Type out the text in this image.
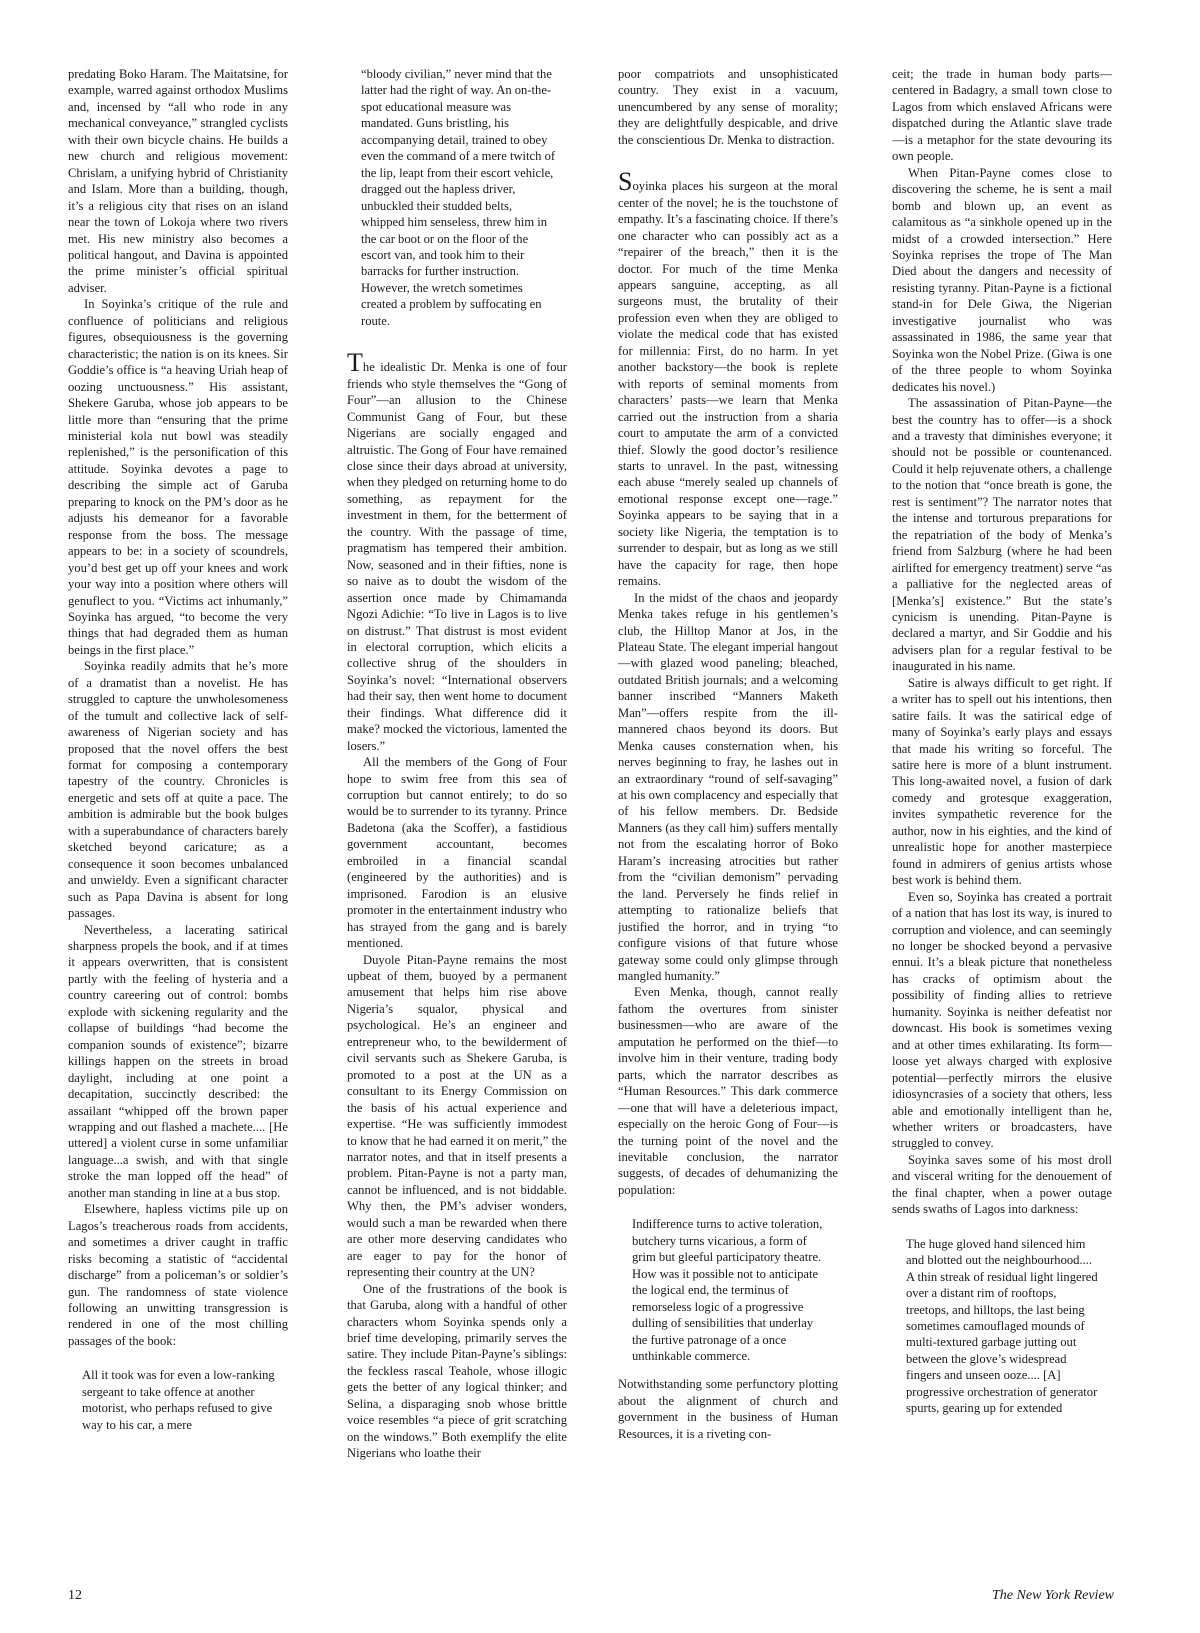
predating Boko Haram. The Maitatsine, for example, warred against orthodox Muslims and, incensed by “all who rode in any mechanical conveyance,” strangled cyclists with their own bicycle chains. He builds a new church and religious movement: Chrislam, a unifying hybrid of Christianity and Islam. More than a building, though, it’s a religious city that rises on an island near the town of Lokoja where two rivers met. His new ministry also becomes a political hangout, and Davina is appointed the prime minister’s official spiritual adviser.

In Soyinka’s critique of the rule and confluence of politicians and religious figures, obsequiousness is the governing characteristic; the nation is on its knees. Sir Goddie’s office is “a heaving Uriah heap of oozing unctuousness.” His assistant, Shekere Garuba, whose job appears to be little more than “ensuring that the prime ministerial kola nut bowl was steadily replenished,” is the personification of this attitude. Soyinka devotes a page to describing the simple act of Garuba preparing to knock on the PM’s door as he adjusts his demeanor for a favorable response from the boss. The message appears to be: in a society of scoundrels, you’d best get up off your knees and work your way into a position where others will genuflect to you. “Victims act inhumanly,” Soyinka has argued, “to become the very things that had degraded them as human beings in the first place.”

Soyinka readily admits that he’s more of a dramatist than a novelist. He has struggled to capture the unwholesomeness of the tumult and collective lack of self-awareness of Nigerian society and has proposed that the novel offers the best format for composing a contemporary tapestry of the country. Chronicles is energetic and sets off at quite a pace. The ambition is admirable but the book bulges with a superabundance of characters barely sketched beyond caricature; as a consequence it soon becomes unbalanced and unwieldy. Even a significant character such as Papa Davina is absent for long passages.

Nevertheless, a lacerating satirical sharpness propels the book, and if at times it appears overwritten, that is consistent partly with the feeling of hysteria and a country careering out of control: bombs explode with sickening regularity and the collapse of buildings “had become the companion sounds of existence”; bizarre killings happen on the streets in broad daylight, including at one point a decapitation, succinctly described: the assailant “whipped off the brown paper wrapping and out flashed a machete.... [He uttered] a violent curse in some unfamiliar language...a swish, and with that single stroke the man lopped off the head” of another man standing in line at a bus stop.

Elsewhere, hapless victims pile up on Lagos’s treacherous roads from accidents, and sometimes a driver caught in traffic risks becoming a statistic of “accidental discharge” from a policeman’s or soldier’s gun. The randomness of state violence following an unwitting transgression is rendered in one of the most chilling passages of the book:

All it took was for even a low-ranking sergeant to take offence at another motorist, who perhaps refused to give way to his car, a mere

“bloody civilian,” never mind that the latter had the right of way. An on-the-spot educational measure was mandated. Guns bristling, his accompanying detail, trained to obey even the command of a mere twitch of the lip, leapt from their escort vehicle, dragged out the hapless driver, unbuckled their studded belts, whipped him senseless, threw him in the car boot or on the floor of the escort van, and took him to their barracks for further instruction. However, the wretch sometimes created a problem by suffocating en route.

The idealistic Dr. Menka is one of four friends who style themselves the “Gong of Four”—an allusion to the Chinese Communist Gang of Four, but these Nigerians are socially engaged and altruistic. The Gong of Four have remained close since their days abroad at university, when they pledged on returning home to do something, as repayment for the investment in them, for the betterment of the country. With the passage of time, pragmatism has tempered their ambition. Now, seasoned and in their fifties, none is so naive as to doubt the wisdom of the assertion once made by Chimamanda Ngozi Adichie: “To live in Lagos is to live on distrust.” That distrust is most evident in electoral corruption, which elicits a collective shrug of the shoulders in Soyinka’s novel: “International observers had their say, then went home to document their findings. What difference did it make? mocked the victorious, lamented the losers.”

All the members of the Gong of Four hope to swim free from this sea of corruption but cannot entirely; to do so would be to surrender to its tyranny. Prince Badetona (aka the Scoffer), a fastidious government accountant, becomes embroiled in a financial scandal (engineered by the authorities) and is imprisoned. Farodion is an elusive promoter in the entertainment industry who has strayed from the gang and is barely mentioned.

Duyole Pitan-Payne remains the most upbeat of them, buoyed by a permanent amusement that helps him rise above Nigeria’s squalor, physical and psychological. He’s an engineer and entrepreneur who, to the bewilderment of civil servants such as Shekere Garuba, is promoted to a post at the UN as a consultant to its Energy Commission on the basis of his actual experience and expertise. “He was sufficiently immodest to know that he had earned it on merit,” the narrator notes, and that in itself presents a problem. Pitan-Payne is not a party man, cannot be influenced, and is not biddable. Why then, the PM’s adviser wonders, would such a man be rewarded when there are other more deserving candidates who are eager to pay for the honor of representing their country at the UN?

One of the frustrations of the book is that Garuba, along with a handful of other characters whom Soyinka spends only a brief time developing, primarily serves the satire. They include Pitan-Payne’s siblings: the feckless rascal Teahole, whose illogic gets the better of any logical thinker; and Selina, a disparaging snob whose brittle voice resembles “a piece of grit scratching on the windows.” Both exemplify the elite Nigerians who loathe their

poor compatriots and unsophisticated country. They exist in a vacuum, unencumbered by any sense of morality; they are delightfully despicable, and drive the conscientious Dr. Menka to distraction.

Soyinka places his surgeon at the moral center of the novel; he is the touchstone of empathy. It’s a fascinating choice. If there’s one character who can possibly act as a “repairer of the breach,” then it is the doctor. For much of the time Menka appears sanguine, accepting, as all surgeons must, the brutality of their profession even when they are obliged to violate the medical code that has existed for millennia: First, do no harm. In yet another backstory—the book is replete with reports of seminal moments from characters’ pasts—we learn that Menka carried out the instruction from a sharia court to amputate the arm of a convicted thief. Slowly the good doctor’s resilience starts to unravel. In the past, witnessing each abuse “merely sealed up channels of emotional response except one—rage.” Soyinka appears to be saying that in a society like Nigeria, the temptation is to surrender to despair, but as long as we still have the capacity for rage, then hope remains.

In the midst of the chaos and jeopardy Menka takes refuge in his gentlemen’s club, the Hilltop Manor at Jos, in the Plateau State. The elegant imperial hangout—with glazed wood paneling; bleached, outdated British journals; and a welcoming banner inscribed “Manners Maketh Man”—offers respite from the ill-mannered chaos beyond its doors. But Menka causes consternation when, his nerves beginning to fray, he lashes out in an extraordinary “round of self-savaging” at his own complacency and especially that of his fellow members. Dr. Bedside Manners (as they call him) suffers mentally not from the escalating horror of Boko Haram’s increasing atrocities but rather from the “civilian demonism” pervading the land. Perversely he finds relief in attempting to rationalize beliefs that justified the horror, and in trying “to configure visions of that future whose gateway some could only glimpse through mangled humanity.”

Even Menka, though, cannot really fathom the overtures from sinister businessmen—who are aware of the amputation he performed on the thief—to involve him in their venture, trading body parts, which the narrator describes as “Human Resources.” This dark commerce—one that will have a deleterious impact, especially on the heroic Gong of Four—is the turning point of the novel and the inevitable conclusion, the narrator suggests, of decades of dehumanizing the population:

Indifference turns to active toleration, butchery turns vicarious, a form of grim but gleeful participatory theatre. How was it possible not to anticipate the logical end, the terminus of remorseless logic of a progressive dulling of sensibilities that underlay the furtive patronage of a once unthinkable commerce.

Notwithstanding some perfunctory plotting about the alignment of church and government in the business of Human Resources, it is a riveting con-

ceit; the trade in human body parts—centered in Badagry, a small town close to Lagos from which enslaved Africans were dispatched during the Atlantic slave trade—is a metaphor for the state devouring its own people.

When Pitan-Payne comes close to discovering the scheme, he is sent a mail bomb and blown up, an event as calamitous as “a sinkhole opened up in the midst of a crowded intersection.” Here Soyinka reprises the trope of The Man Died about the dangers and necessity of resisting tyranny. Pitan-Payne is a fictional stand-in for Dele Giwa, the Nigerian investigative journalist who was assassinated in 1986, the same year that Soyinka won the Nobel Prize. (Giwa is one of the three people to whom Soyinka dedicates his novel.)

The assassination of Pitan-Payne—the best the country has to offer—is a shock and a travesty that diminishes everyone; it should not be possible or countenanced. Could it help rejuvenate others, a challenge to the notion that “once breath is gone, the rest is sentiment”? The narrator notes that the intense and torturous preparations for the repatriation of the body of Menka’s friend from Salzburg (where he had been airlifted for emergency treatment) serve “as a palliative for the neglected areas of [Menka’s] existence.” But the state’s cynicism is unending. Pitan-Payne is declared a martyr, and Sir Goddie and his advisers plan for a regular festival to be inaugurated in his name.

Satire is always difficult to get right. If a writer has to spell out his intentions, then satire fails. It was the satirical edge of many of Soyinka’s early plays and essays that made his writing so forceful. The satire here is more of a blunt instrument. This long-awaited novel, a fusion of dark comedy and grotesque exaggeration, invites sympathetic reverence for the author, now in his eighties, and the kind of unrealistic hope for another masterpiece found in admirers of genius artists whose best work is behind them.

Even so, Soyinka has created a portrait of a nation that has lost its way, is inured to corruption and violence, and can seemingly no longer be shocked beyond a pervasive ennui. It’s a bleak picture that nonetheless has cracks of optimism about the possibility of finding allies to retrieve humanity. Soyinka is neither defeatist nor downcast. His book is sometimes vexing and at other times exhilarating. Its form—loose yet always charged with explosive potential—perfectly mirrors the elusive idiosyncrasies of a society that others, less able and emotionally intelligent than he, whether writers or broadcasters, have struggled to convey.

Soyinka saves some of his most droll and visceral writing for the denouement of the final chapter, when a power outage sends swaths of Lagos into darkness:

The huge gloved hand silenced him and blotted out the neighbourhood.... A thin streak of residual light lingered over a distant rim of rooftops, treetops, and hilltops, the last being sometimes camouflaged mounds of multi-textured garbage jutting out between the glove’s widespread fingers and unseen ooze.... [A] progressive orchestration of generator spurts, gearing up for extended

12	The New York Review
